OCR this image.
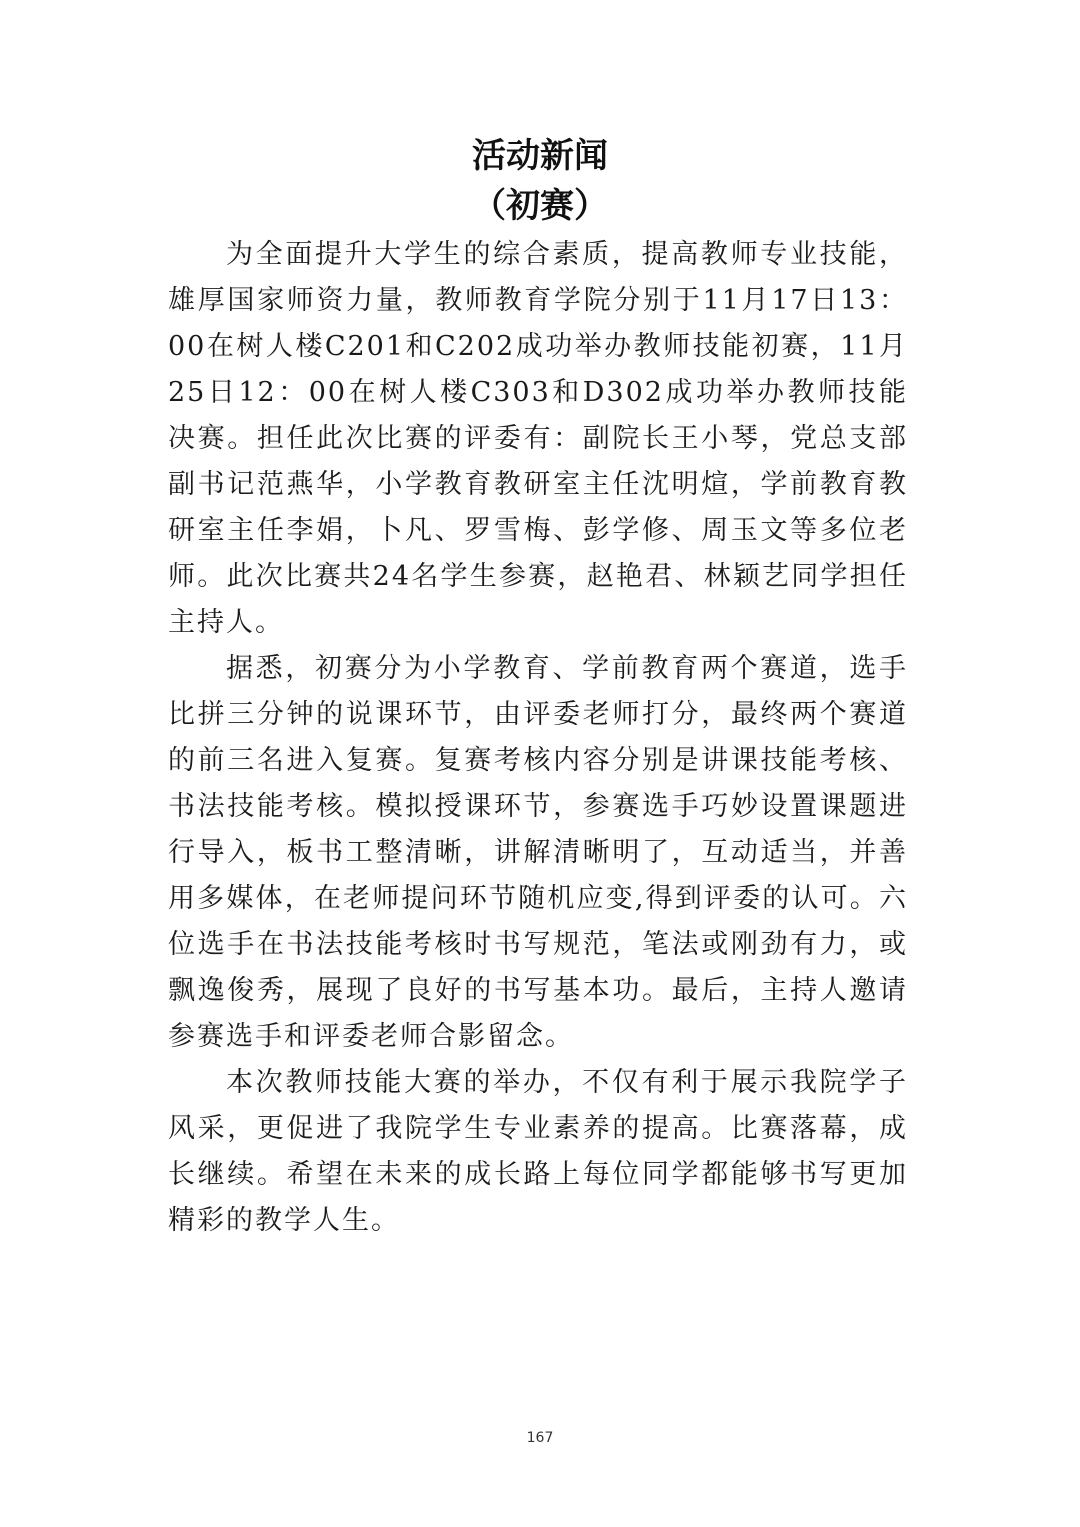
活动新闻
（初赛）

为全面提升大学生的综合素质，提高教师专业技能，雄厚国家师资力量，教师教育学院分别于11月17日13：00在树人楼C201和C202成功举办教师技能初赛，11月25日12：00在树人楼C303和D302成功举办教师技能决赛。担任此次比赛的评委有：副院长王小琴，党总支部副书记范燕华，小学教育教研室主任沈明煊，学前教育教研室主任李娟，卜凡、罗雪梅、彭学修、周玉文等多位老师。此次比赛共24名学生参赛，赵艳君、林颖艺同学担任主持人。

据悉，初赛分为小学教育、学前教育两个赛道，选手比拼三分钟的说课环节，由评委老师打分，最终两个赛道的前三名进入复赛。复赛考核内容分别是讲课技能考核、书法技能考核。模拟授课环节，参赛选手巧妙设置课题进行导入，板书工整清晰，讲解清晰明了，互动适当，并善用多媒体，在老师提问环节随机应变,得到评委的认可。六位选手在书法技能考核时书写规范，笔法或刚劲有力，或飘逸俊秀，展现了良好的书写基本功。最后，主持人邀请参赛选手和评委老师合影留念。

本次教师技能大赛的举办，不仅有利于展示我院学子风采，更促进了我院学生专业素养的提高。比赛落幕，成长继续。希望在未来的成长路上每位同学都能够书写更加精彩的教学人生。

167
